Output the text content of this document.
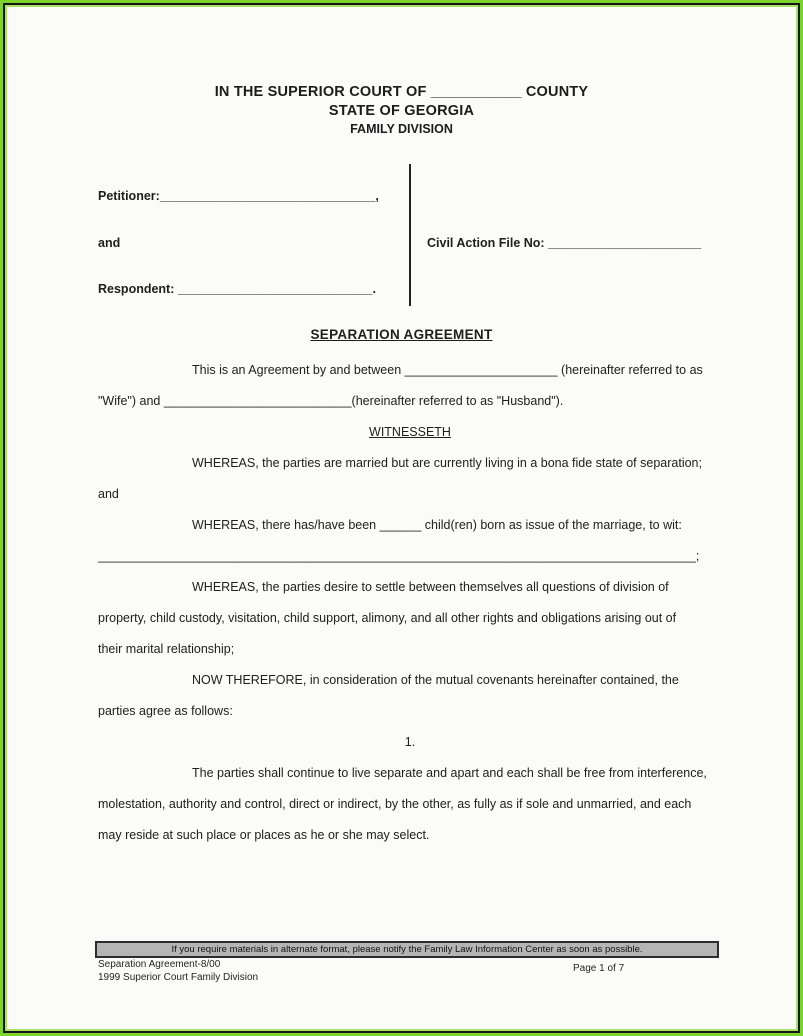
IN THE SUPERIOR COURT OF ___________ COUNTY
STATE OF GEORGIA
FAMILY DIVISION
Petitioner:_______________________________,
and
Respondent: ____________________________.
Civil Action File No: ______________________
SEPARATION AGREEMENT
This is an Agreement by and between ______________________ (hereinafter referred to as
"Wife") and ___________________________(hereinafter referred to as "Husband").
WITNESSETH
WHEREAS, the parties are married but are currently living in a bona fide state of separation;
and
WHEREAS, there has/have been ______ child(ren) born as issue of the marriage, to wit:
______________________________________________________________________________________;
WHEREAS, the parties desire to settle between themselves all questions of division of
property, child custody, visitation, child support, alimony, and all other rights and obligations arising out of
their marital relationship;
NOW THEREFORE, in consideration of the mutual covenants hereinafter contained, the
parties agree as follows:
1.
The parties shall continue to live separate and apart and each shall be free from interference,
molestation, authority and control, direct or indirect, by the other, as fully as if sole and unmarried, and each
may reside at such place or places as he or she may select.
If you require materials in alternate format, please notify the Family Law Information Center as soon as possible.
Separation Agreement-8/00
1999 Superior Court Family Division
Page 1 of 7
